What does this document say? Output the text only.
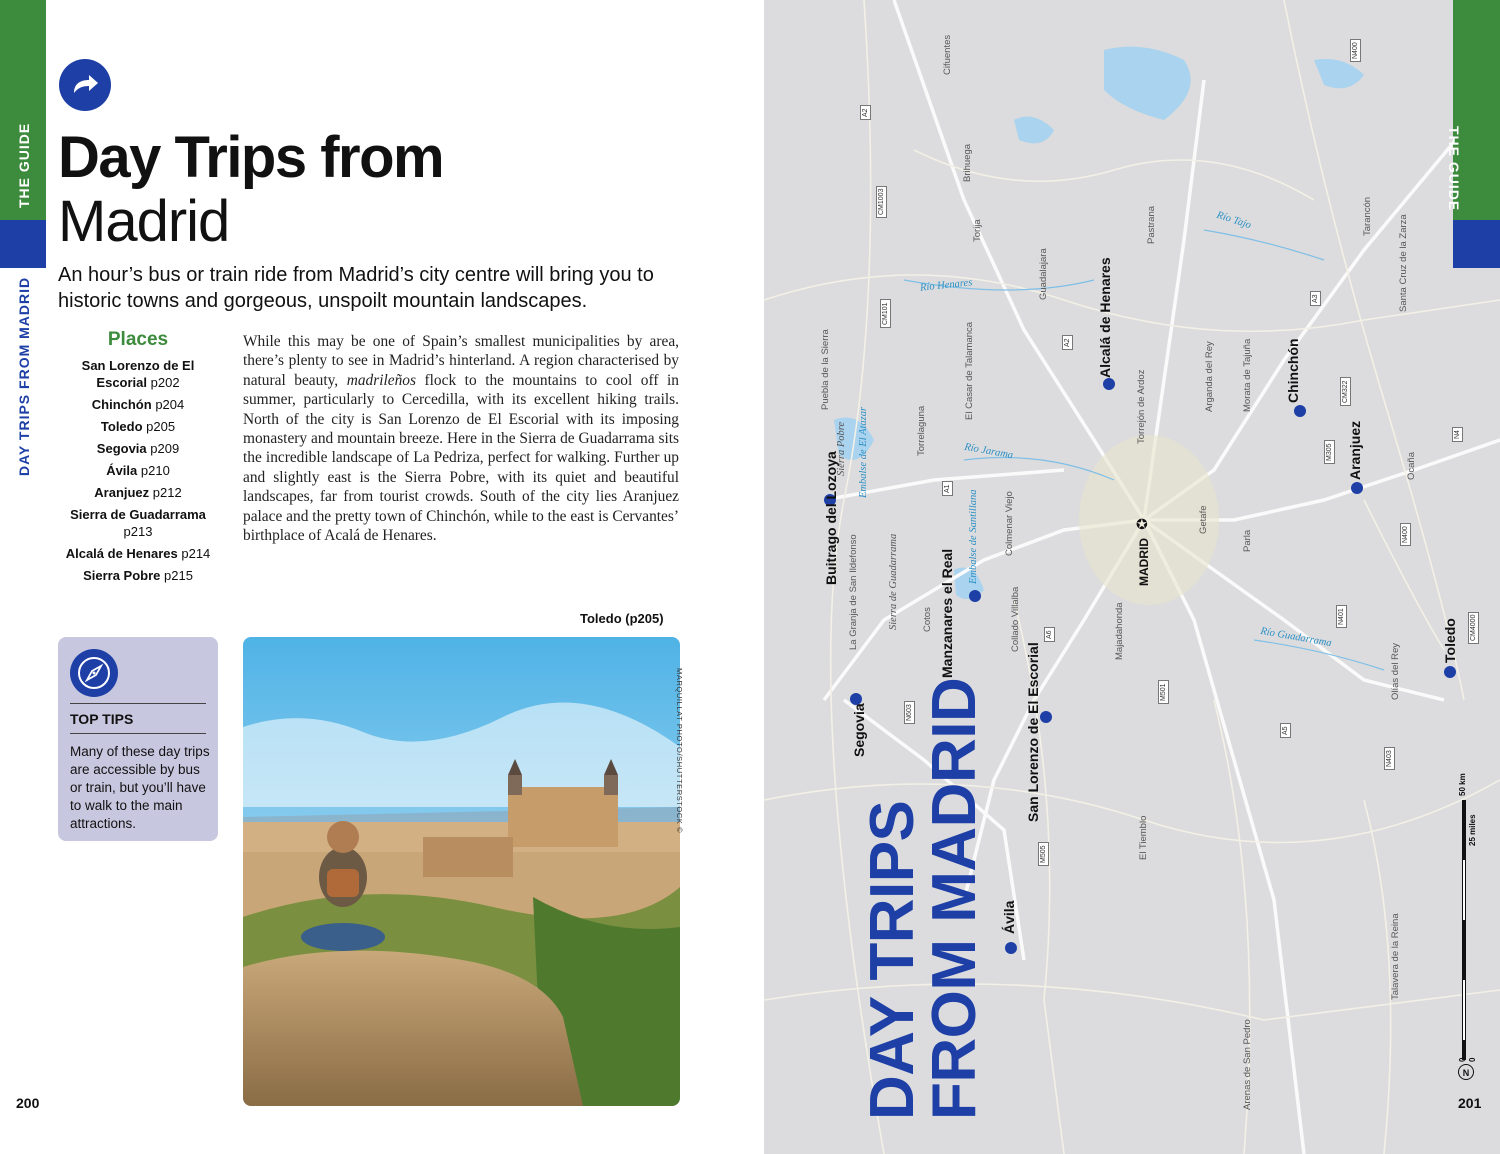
THE GUIDE
DAY TRIPS FROM MADRID
Day Trips from
Madrid
An hour’s bus or train ride from Madrid’s city centre will bring you to historic towns and gorgeous, unspoilt mountain landscapes.
Places
San Lorenzo de El Escorial p202
Chinchón p204
Toledo p205
Segovia p209
Ávila p210
Aranjuez p212
Sierra de Guadarrama p213
Alcalá de Henares p214
Sierra Pobre p215
While this may be one of Spain’s smallest municipalities by area, there’s plenty to see in Madrid’s hinterland. A region characterised by natural beauty, madrileños flock to the mountains to cool off in summer, particularly to Cercedilla, with its excellent hiking trails. North of the city is San Lorenzo de El Escorial with its imposing monastery and mountain breeze. Here in the Sierra de Guadarrama sits the incredible landscape of La Pedriza, perfect for walking. Further up and slightly east is the Sierra Pobre, with its quiet and beautiful landscapes, far from tourist crowds. South of the city lies Aranjuez palace and the pretty town of Chinchón, while to the east is Cervantes’ birthplace of Acalá de Henares.
TOP TIPS
Many of these day trips are accessible by bus or train, but you’ll have to walk to the main attractions.
Toledo (p205)
MARQUILLAT PHOTO/SHUTTERSTOCK ©
200
✪
Alcalá de Henares	Chinchón
Aranjuez
Buitrago del Lozoya
Manzanares el Real
Segovia	San Lorenzo de El Escorial
Ávila
Toledo
MADRID
Cifuentes
Brihuega
Torija
Guadalajara
Pastrana	Tarancón	Santa Cruz de la Zarza
Puebla de la Sierra
Torrelaguna
El Casar de Talamanca	Torrejón de Ardoz	Arganda del Rey	Morata de Tajuña
Colmenar Viejo	Getafe
Parla
Ocaña
La Granja de San Ildefonso	Cotos	Collado Villalba	Majadahonda
Olías del Rey
El Tiemblo
Talavera de la Reina
Arenas de San Pedro
Río Tajo
Río Henares
Río Jarama
Río Guadarrama
Embalse de El Atazar
Embalse de Santillana
Sierra Pobre
Sierra de Guadarrama
N400
A2
CM1003
CM101
A2
A3
CM322
N4
M305
A1
N400
N401	CM4000
A6
M501
N603
A5
N403
M505
50 km
25 miles
0 0
N
DAY TRIPS
FROM MADRID
THE GUIDE
201
